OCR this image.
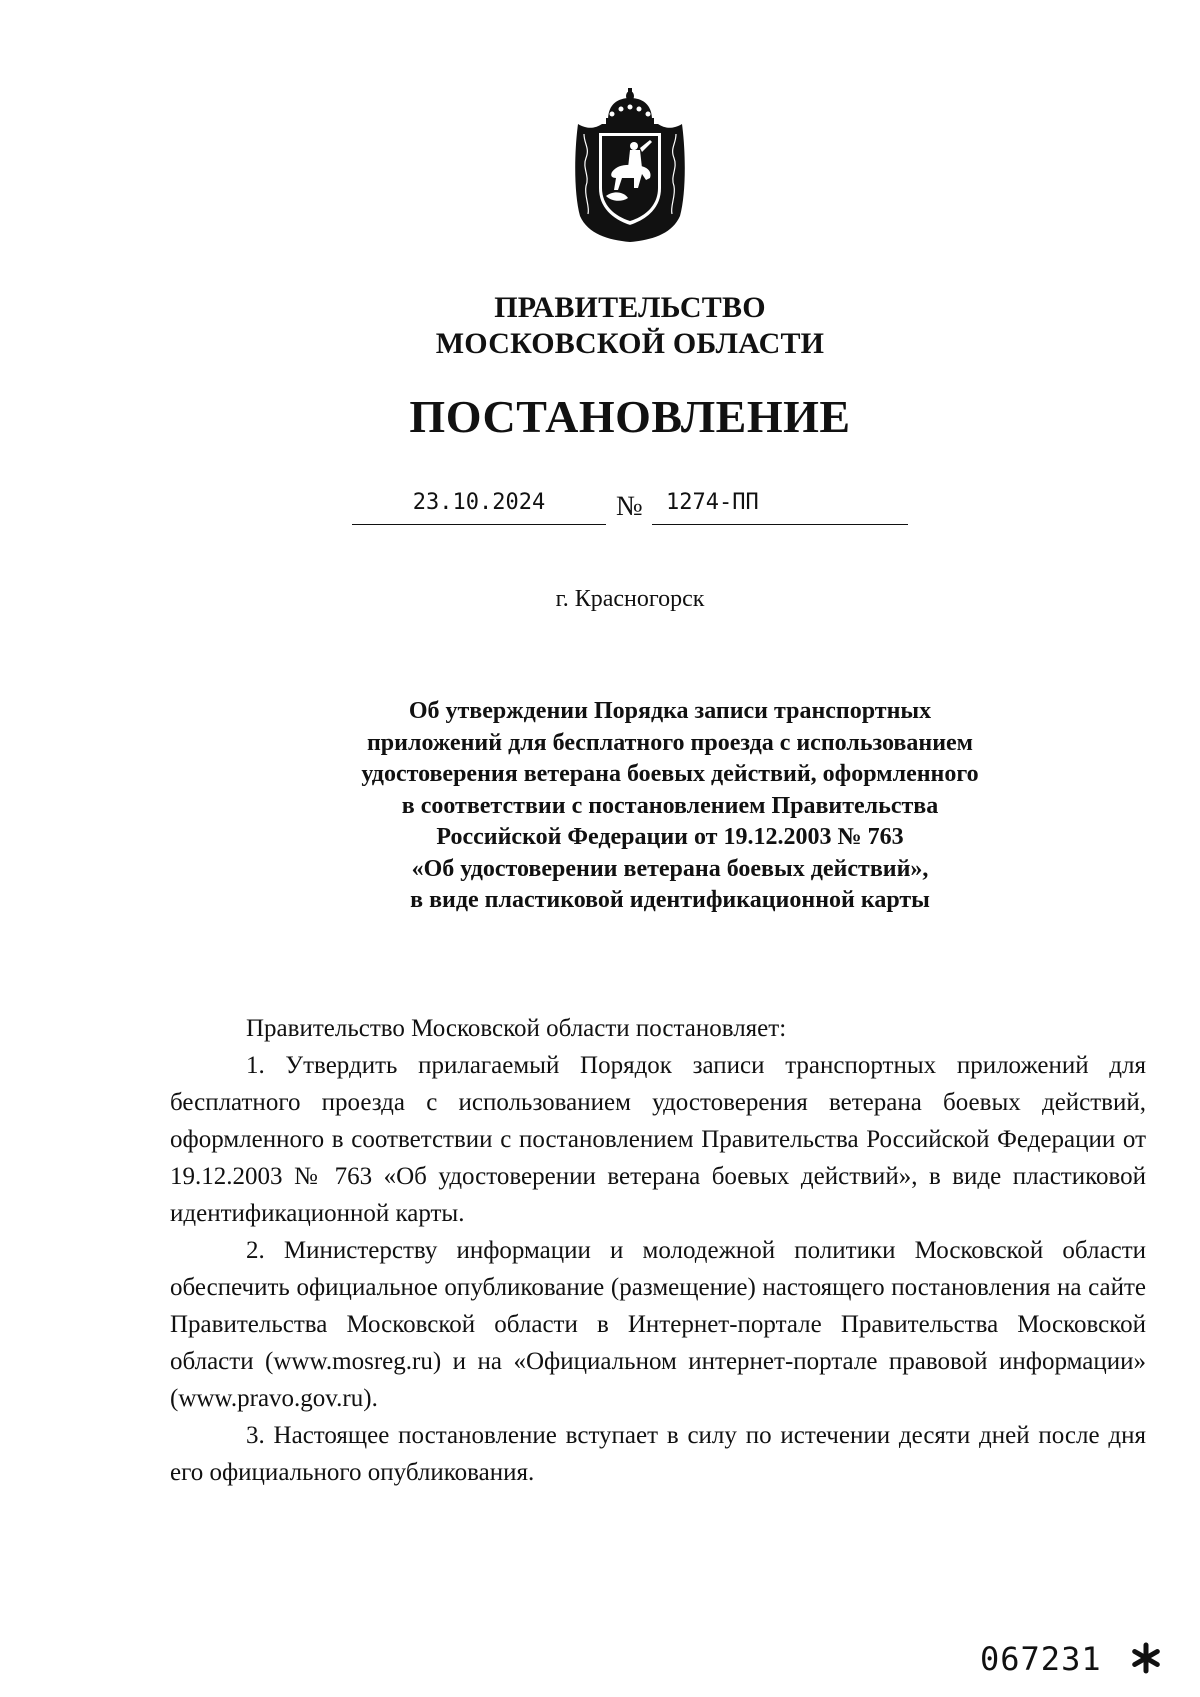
ПРАВИТЕЛЬСТВО
МОСКОВСКОЙ ОБЛАСТИ
ПОСТАНОВЛЕНИЕ
23.10.2024	№	1274-ПП
г. Красногорск
Об утверждении Порядка записи транспортных
приложений для бесплатного проезда с использованием
удостоверения ветерана боевых действий, оформленного
в соответствии с постановлением Правительства
Российской Федерации от 19.12.2003 № 763
«Об удостоверении ветерана боевых действий»,
в виде пластиковой идентификационной карты

Правительство Московской области постановляет:

1. Утвердить прилагаемый Порядок записи транспортных приложений для бесплатного проезда с использованием удостоверения ветерана боевых действий, оформленного в соответствии с постановлением Правительства Российской Федерации от 19.12.2003 № 763 «Об удостоверении ветерана боевых действий», в виде пластиковой идентификационной карты.

2. Министерству информации и молодежной политики Московской области обеспечить официальное опубликование (размещение) настоящего постановления на сайте Правительства Московской области в Интернет-портале Правительства Московской области (www.mosreg.ru) и на «Официальном интернет-портале правовой информации» (www.pravo.gov.ru).

3. Настоящее постановление вступает в силу по истечении десяти дней после дня его официального опубликования.

067231
